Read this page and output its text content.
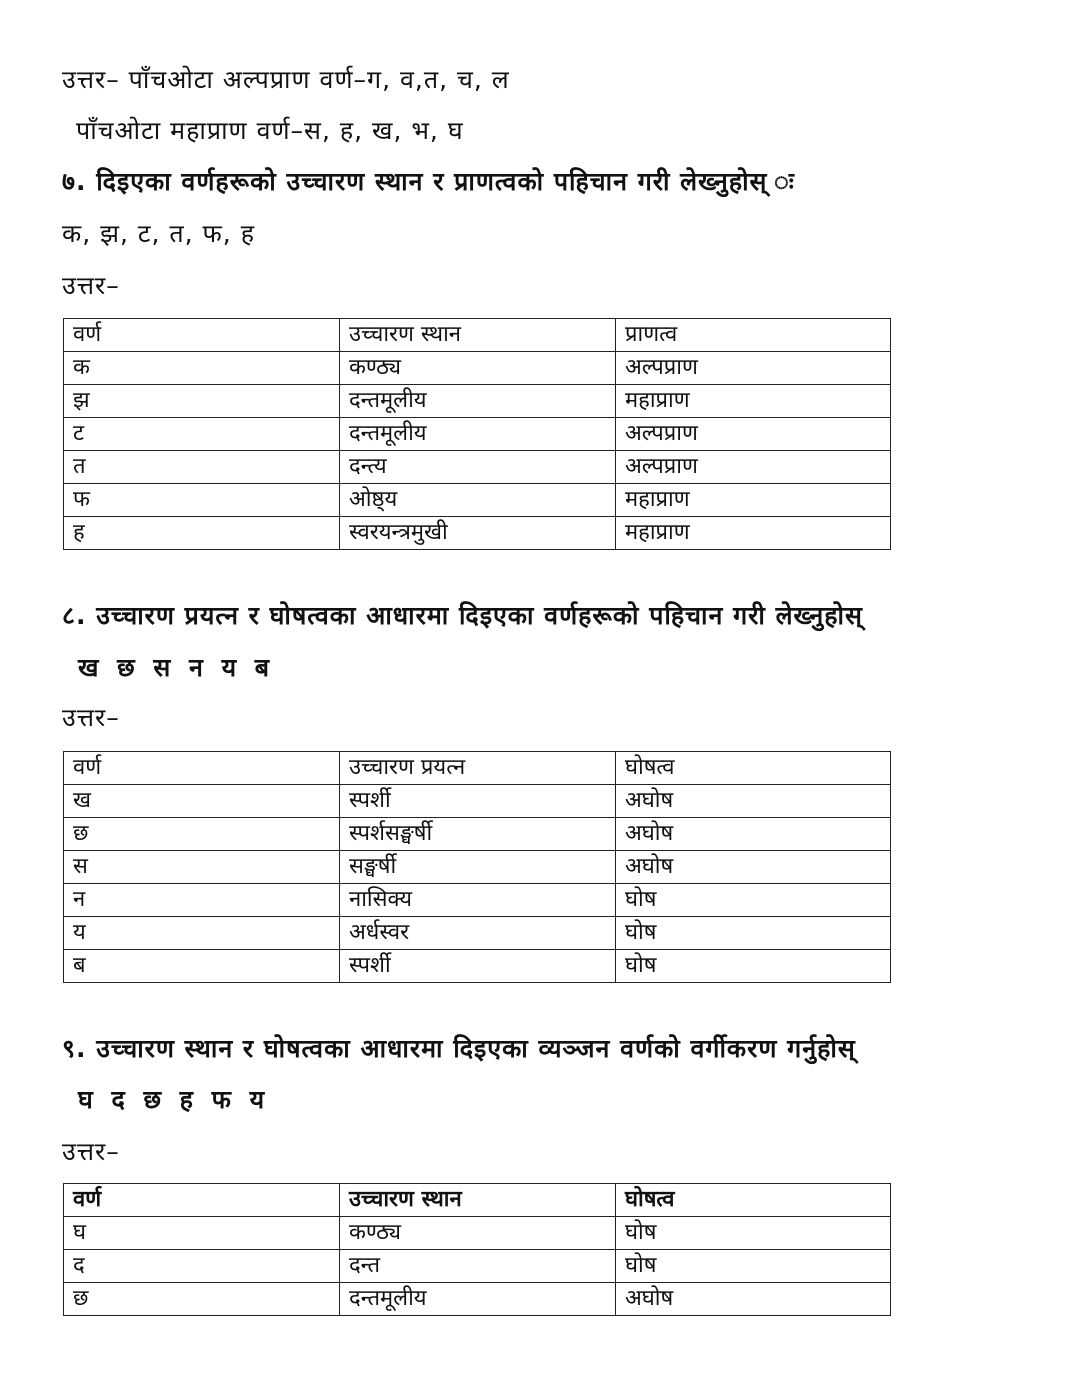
उत्तर– पाँचओटा अल्पप्राण वर्ण–ग, व,त, च, ल
पाँचओटा महाप्राण वर्ण–स, ह, ख, भ, घ
७. दिइएका वर्णहरूको उच्चारण स्थान र प्राणत्वको पहिचान गरी लेख्नुहोस् ः
क, झ, ट, त, फ, ह
उत्तर–
वर्ण	उच्चारण स्थान	प्राणत्व
क	कण्ठ्य	अल्पप्राण
झ	दन्तमूलीय	महाप्राण
ट	दन्तमूलीय	अल्पप्राण
त	दन्त्य	अल्पप्राण
फ	ओष्ठ्य	महाप्राण
ह	स्वरयन्त्रमुखी	महाप्राण
८. उच्चारण प्रयत्न र घोषत्वका आधारमा दिइएका वर्णहरूको पहिचान गरी लेख्नुहोस्
ख छ स न य ब
उत्तर–
वर्ण	उच्चारण प्रयत्न	घोषत्व
ख	स्पर्शी	अघोष
छ	स्पर्शसङ्घर्षी	अघोष
स	सङ्घर्षी	अघोष
न	नासिक्य	घोष
य	अर्धस्वर	घोष
ब	स्पर्शी	घोष
९. उच्चारण स्थान र घोषत्वका आधारमा दिइएका व्यञ्जन वर्णको वर्गीकरण गर्नुहोस्
घ द छ ह फ य
उत्तर–
वर्ण	उच्चारण स्थान	घोषत्व
घ	कण्ठ्य	घोष
द	दन्त	घोष
छ	दन्तमूलीय	अघोष
